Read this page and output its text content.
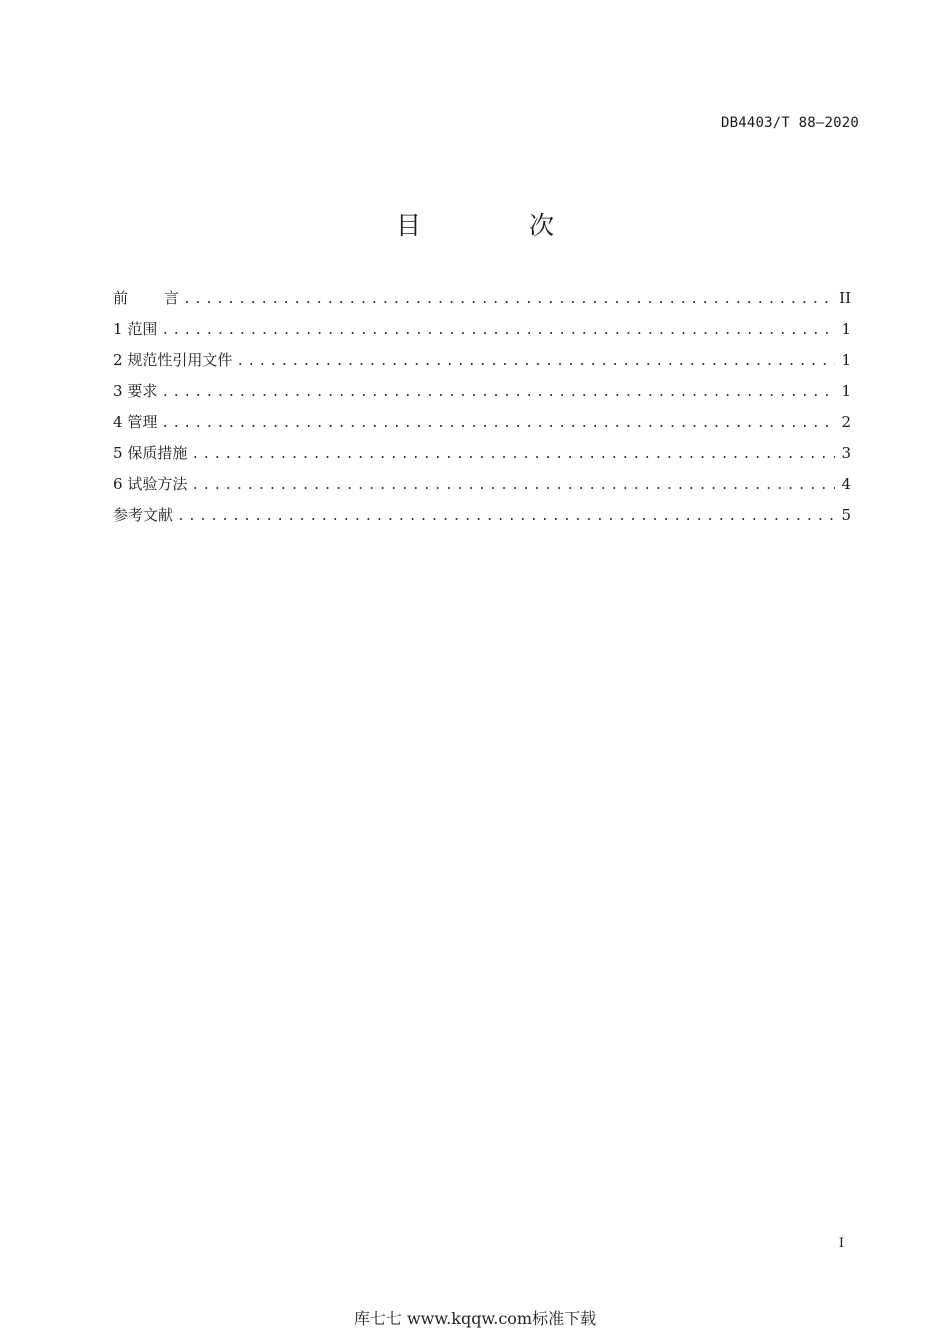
DB4403/T 88—2020
目 次
前 言 .....	II
1 范围 .....	1
2 规范性引用文件 .....	1
3 要求 .....	1
4 管理 .....	2
5 保质措施 .....	3
6 试验方法 .....	4
参考文献 .....	5
I
库七七 www.kqqw.com标准下载
